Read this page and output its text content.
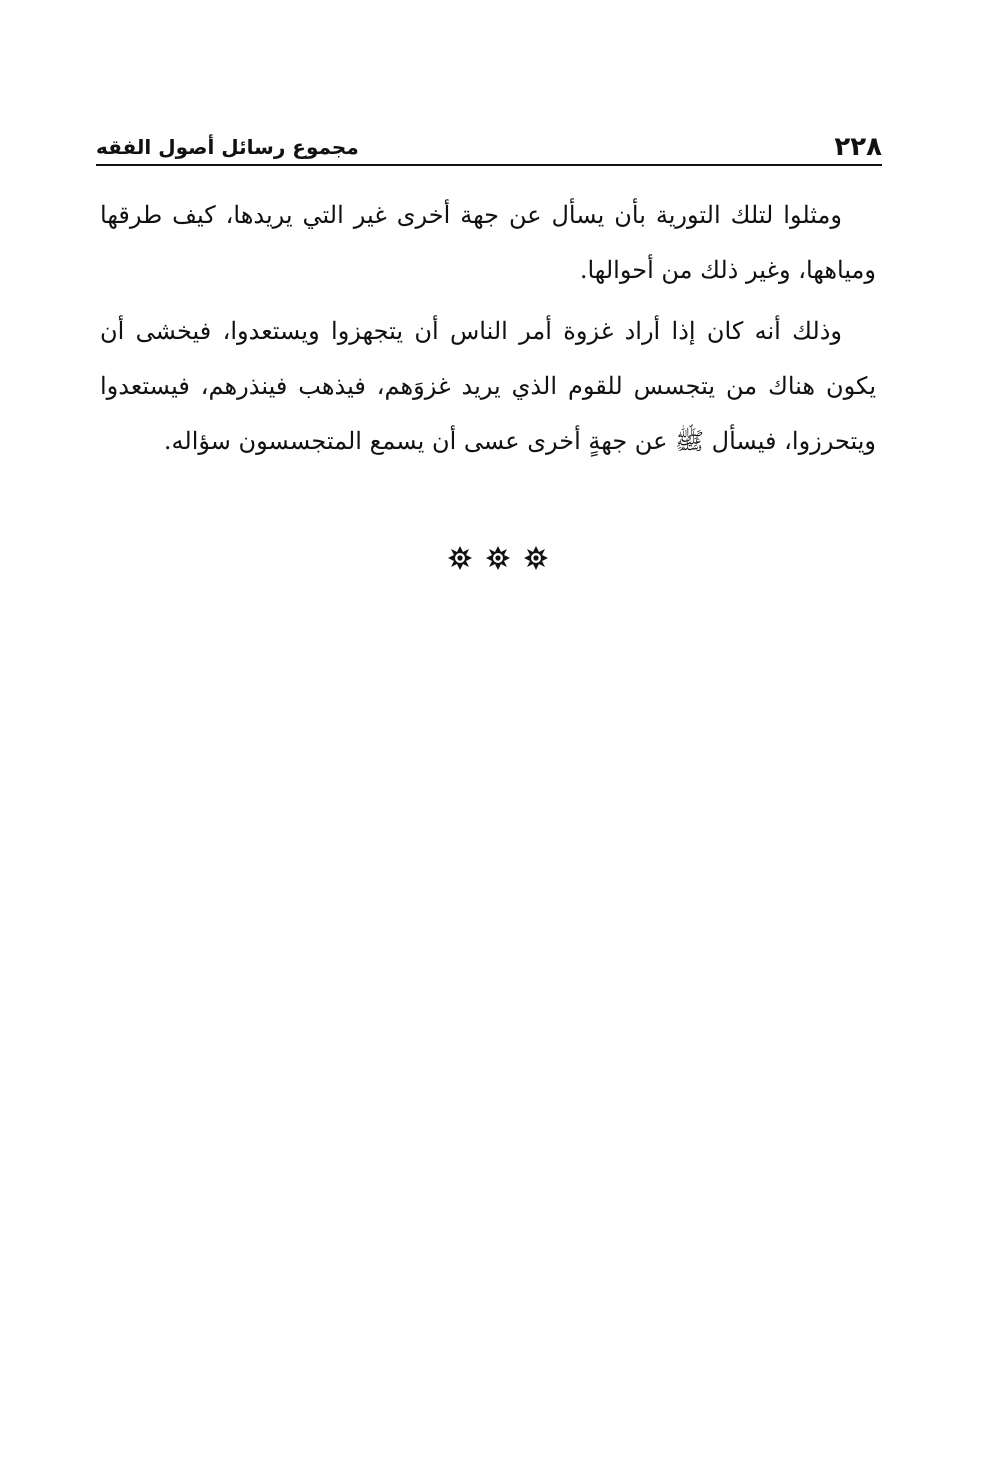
٢٢٨
مجموع رسائل أصول الفقه

ومثلوا لتلك التورية بأن يسأل عن جهة أخرى غير التي يريدها، كيف طرقها ومياهها، وغير ذلك من أحوالها.

وذلك أنه كان إذا أراد غزوة أمر الناس أن يتجهزوا ويستعدوا، فيخشى أن يكون هناك من يتجسس للقوم الذي يريد غزوَهم، فيذهب فينذرهم، فيستعدوا ويتحرزوا، فيسأل ﷺ عن جهةٍ أخرى عسى أن يسمع المتجسسون سؤاله.
